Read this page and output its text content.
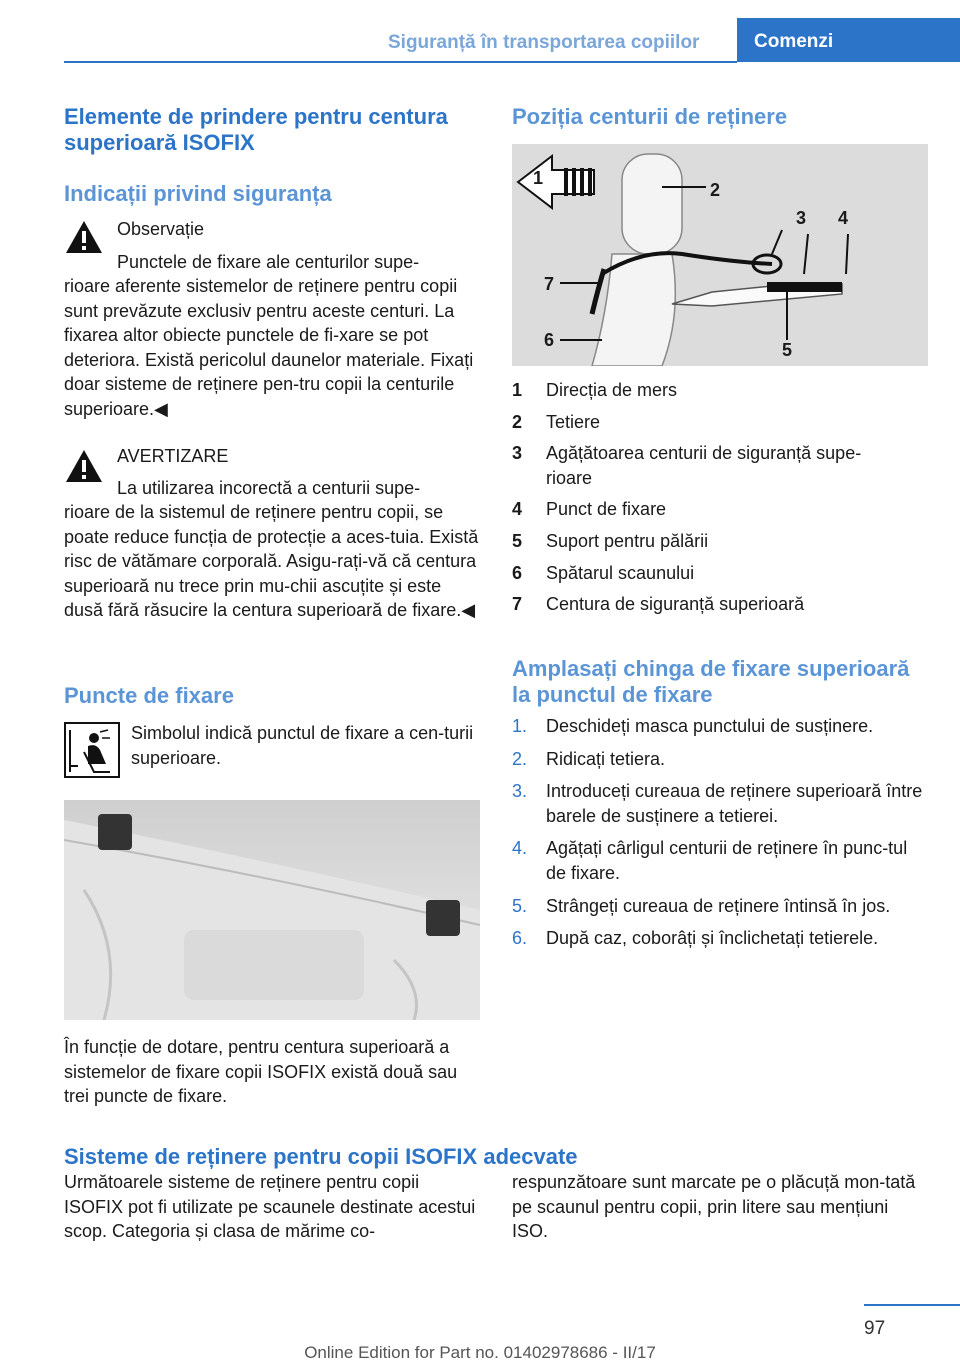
Siguranță în transportarea copiilor	Comenzi
Elemente de prindere pentru centura superioară ISOFIX
Indicații privind siguranța

Observație

Punctele de fixare ale centurilor supe-

rioare aferente sistemelor de reținere pentru copii sunt prevăzute exclusiv pentru aceste centuri. La fixarea altor obiecte punctele de fi-xare se pot deteriora. Există pericolul daunelor materiale. Fixați doar sisteme de reținere pen-tru copii la centurile superioare.◀

AVERTIZARE

La utilizarea incorectă a centurii supe-

rioare de la sistemul de reținere pentru copii, se poate reduce funcția de protecție a aces-tuia. Există risc de vătămare corporală. Asigu-rați-vă că centura superioară nu trece prin mu-chii ascuțite și este dusă fără răsucire la centura superioară de fixare.◀

Puncte de fixare

Simbolul indică punctul de fixare a cen-turii superioare.

În funcție de dotare, pentru centura superioară a sistemelor de fixare copii ISOFIX există două sau trei puncte de fixare.

Poziția centurii de reținere
1
2
3 4
5
6
7
1	Direcția de mers
2	Tetiere
3	Agățătoarea centurii de siguranță supe-rioare
4	Punct de fixare
5	Suport pentru pălării
6	Spătarul scaunului
7	Centura de siguranță superioară
Amplasați chinga de fixare superioară la punctul de fixare
1.	Deschideți masca punctului de susținere.
2.	Ridicați tetiera.
3.	Introduceți cureaua de reținere superioară între barele de susținere a tetierei.
4.	Agățați cârligul centurii de reținere în punc-tul de fixare.
5.	Strângeți cureaua de reținere întinsă în jos.
6.	După caz, coborâți și înclichetați tetierele.
Sisteme de reținere pentru copii ISOFIX adecvate

Următoarele sisteme de reținere pentru copii ISOFIX pot fi utilizate pe scaunele destinate acestui scop. Categoria și clasa de mărime co-

respunzătoare sunt marcate pe o plăcuță mon-tată pe scaunul pentru copii, prin litere sau mențiuni ISO.

97
Online Edition for Part no. 01402978686 - II/17
